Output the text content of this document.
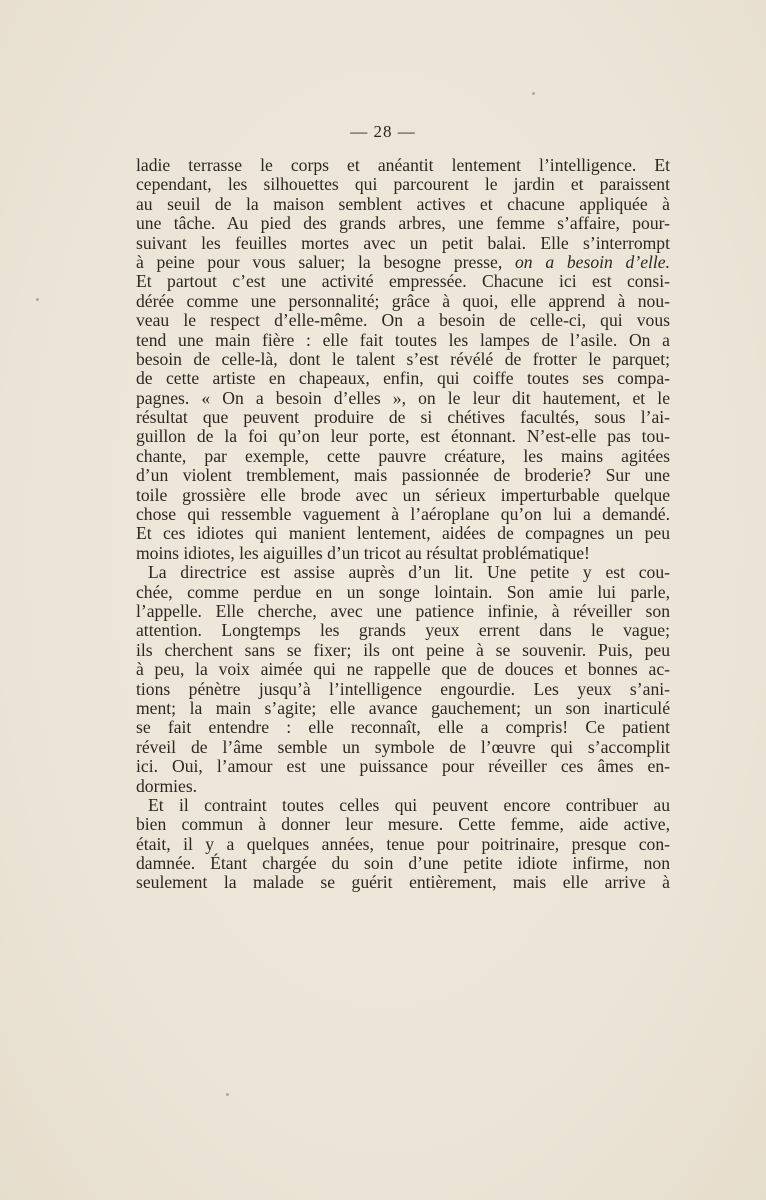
— 28 —
ladie terrasse le corps et anéantit lentement l’intelligence. Et
cependant, les silhouettes qui parcourent le jardin et paraissent
au seuil de la maison semblent actives et chacune appliquée à
une tâche. Au pied des grands arbres, une femme s’affaire, pour-
suivant les feuilles mortes avec un petit balai. Elle s’interrompt
à peine pour vous saluer; la besogne presse, on a besoin d’elle.
Et partout c’est une activité empressée. Chacune ici est consi-
dérée comme une personnalité; grâce à quoi, elle apprend à nou-
veau le respect d’elle-même. On a besoin de celle-ci, qui vous
tend une main fière : elle fait toutes les lampes de l’asile. On a
besoin de celle-là, dont le talent s’est révélé de frotter le parquet;
de cette artiste en chapeaux, enfin, qui coiffe toutes ses compa-
pagnes. « On a besoin d’elles », on le leur dit hautement, et le
résultat que peuvent produire de si chétives facultés, sous l’ai-
guillon de la foi qu’on leur porte, est étonnant. N’est-elle pas tou-
chante, par exemple, cette pauvre créature, les mains agitées
d’un violent tremblement, mais passionnée de broderie? Sur une
toile grossière elle brode avec un sérieux imperturbable quelque
chose qui ressemble vaguement à l’aéroplane qu’on lui a demandé.
Et ces idiotes qui manient lentement, aidées de compagnes un peu
moins idiotes, les aiguilles d’un tricot au résultat problématique!
La directrice est assise auprès d’un lit. Une petite y est cou-
chée, comme perdue en un songe lointain. Son amie lui parle,
l’appelle. Elle cherche, avec une patience infinie, à réveiller son
attention. Longtemps les grands yeux errent dans le vague;
ils cherchent sans se fixer; ils ont peine à se souvenir. Puis, peu
à peu, la voix aimée qui ne rappelle que de douces et bonnes ac-
tions pénètre jusqu’à l’intelligence engourdie. Les yeux s’ani-
ment; la main s’agite; elle avance gauchement; un son inarticulé
se fait entendre : elle reconnaît, elle a compris! Ce patient
réveil de l’âme semble un symbole de l’œuvre qui s’accomplit
ici. Oui, l’amour est une puissance pour réveiller ces âmes en-
dormies.
Et il contraint toutes celles qui peuvent encore contribuer au
bien commun à donner leur mesure. Cette femme, aide active,
était, il y a quelques années, tenue pour poitrinaire, presque con-
damnée. Étant chargée du soin d’une petite idiote infirme, non
seulement la malade se guérit entièrement, mais elle arrive à
